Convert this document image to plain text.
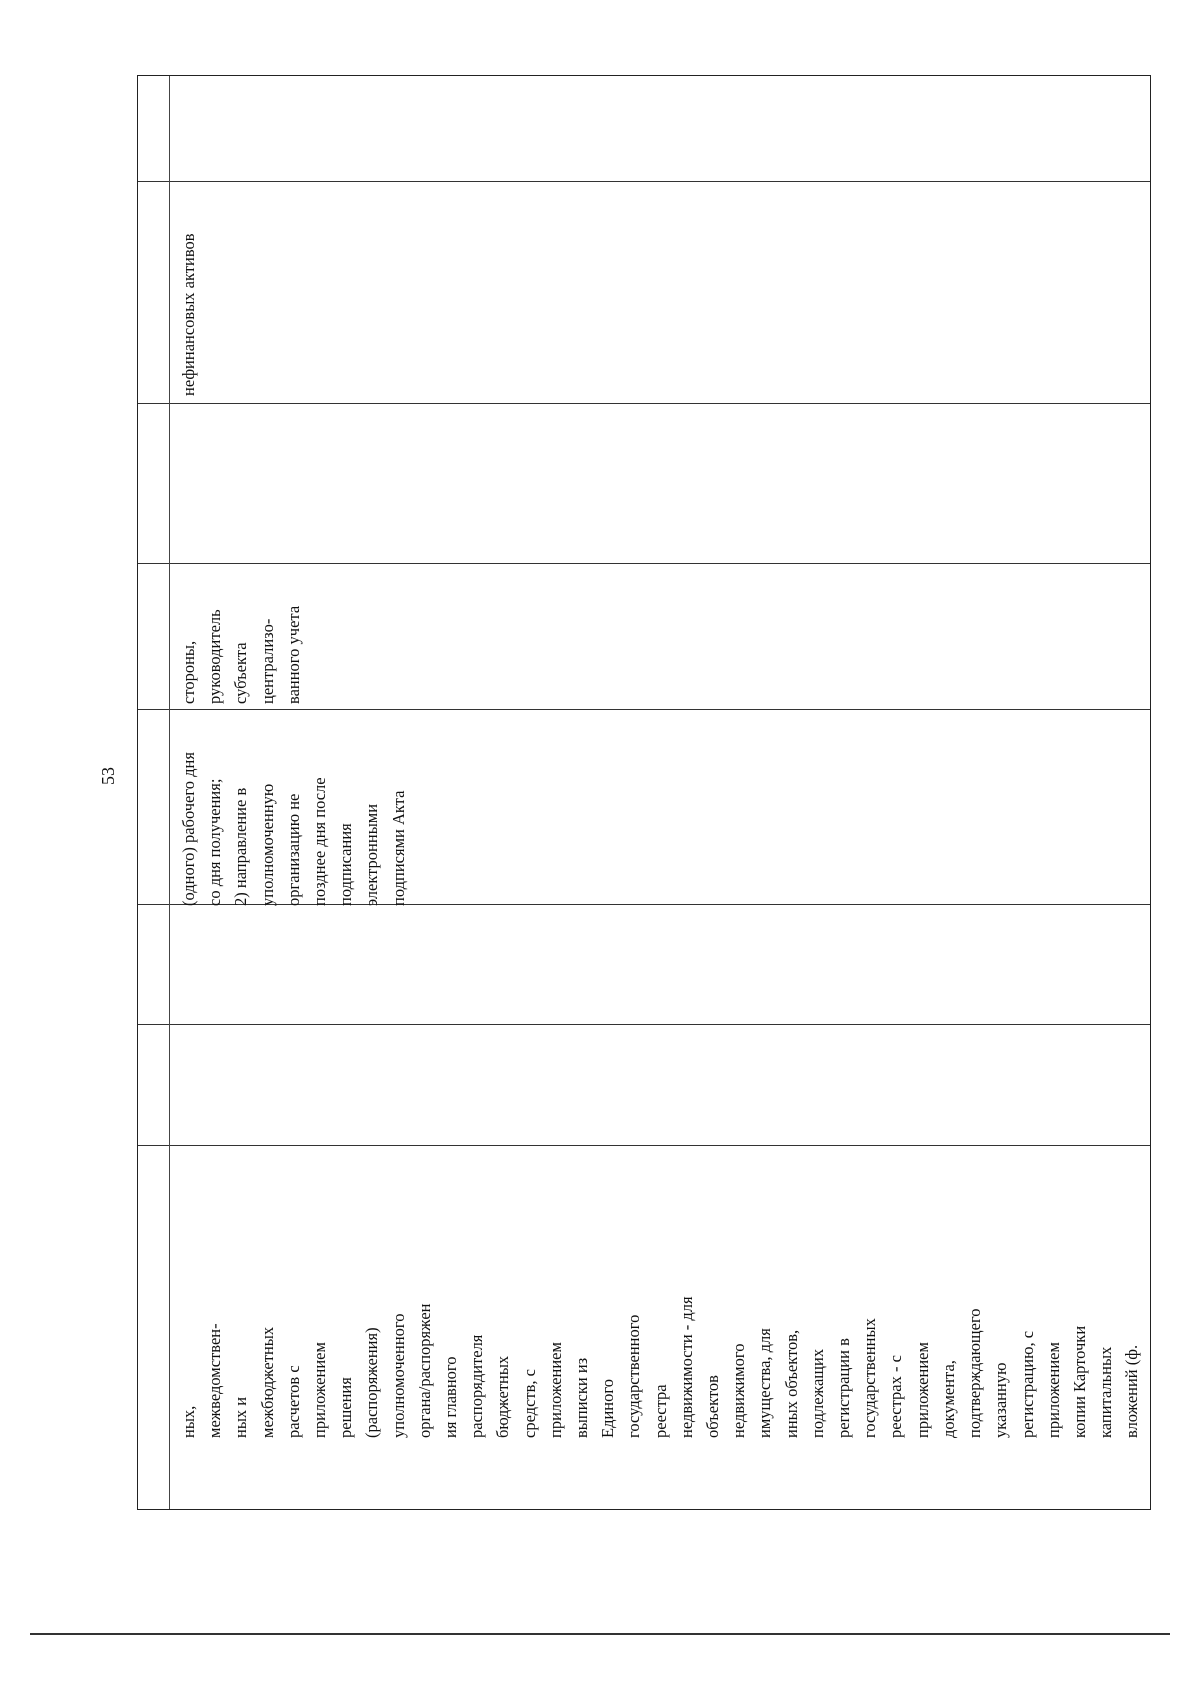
53
ных,
межведомствен-
ных и
межбюджетных
расчетов с
приложением
решения
(распоряжения)
уполномоченного
органа/распоряжен
ия главного
распорядителя
бюджетных
средств, с
приложением
выписки из
Единого
государственного
реестра
недвижимости - для
объектов
недвижимого
имущества, для
иных объектов,
подлежащих
регистрации в
государственных
реестрах - с
приложением
документа,
подтверждающего
указанную
регистрацию, с
приложением
копии Карточки
капитальных
вложений (ф.
(одного) рабочего дня
со дня получения;
2) направление в
уполномоченную
организацию не
позднее дня после
подписания
электронными
подписями Акта
стороны,
руководитель
субъекта
централизо-
ванного учета
нефинансовых активов
